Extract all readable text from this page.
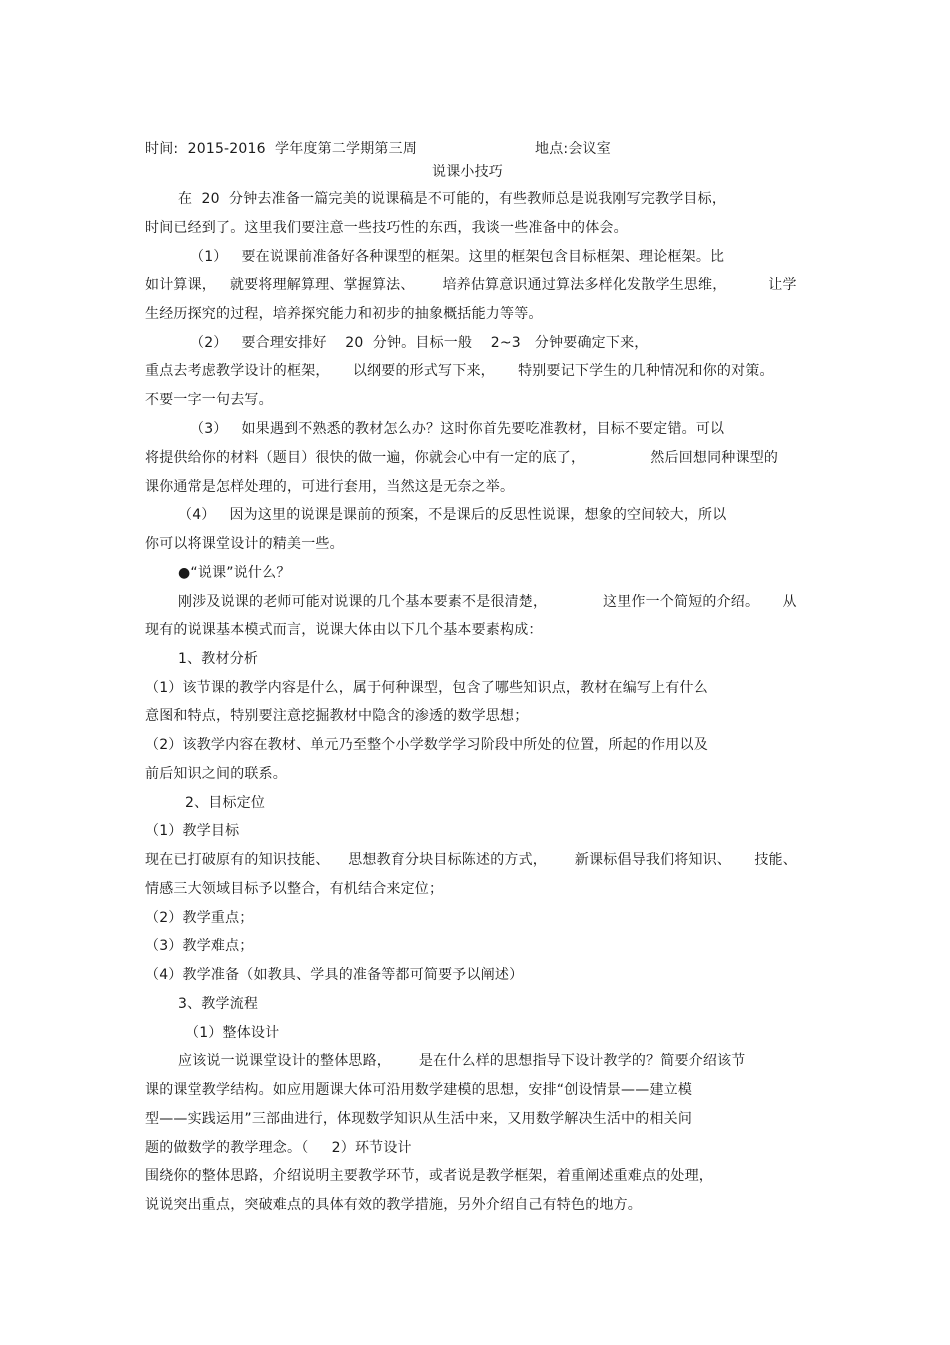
时间:  2015-2016  学年度第二学期第三周	地点:会议室
说课小技巧
在  20  分钟去准备一篇完美的说课稿是不可能的，有些教师总是说我刚写完教学目标，
时间已经到了。这里我们要注意一些技巧性的东西，我谈一些准备中的体会。
（1）   要在说课前准备好各种课型的框架。这里的框架包含目标框架、理论框架。比
如计算课，   就要将理解算理、掌握算法、      培养估算意识通过算法多样化发散学生思维，         让学
生经历探究的过程，培养探究能力和初步的抽象概括能力等等。
（2）   要合理安排好    20  分钟。目标一般    2~3   分钟要确定下来，
重点去考虑教学设计的框架，     以纲要的形式写下来，     特别要记下学生的几种情况和你的对策。
不要一字一句去写。
（3）   如果遇到不熟悉的教材怎么办？这时你首先要吃准教材，目标不要定错。可以
将提供给你的材料（题目）很快的做一遍，你就会心中有一定的底了，              然后回想同种课型的
课你通常是怎样处理的，可进行套用，当然这是无奈之举。
（4）   因为这里的说课是课前的预案，不是课后的反思性说课，想象的空间较大，所以
你可以将课堂设计的精美一些。
●“说课”说什么？
刚涉及说课的老师可能对说课的几个基本要素不是很清楚，            这里作一个简短的介绍。     从
现有的说课基本模式而言，说课大体由以下几个基本要素构成：
1、教材分析
（1）该节课的教学内容是什么，属于何种课型，包含了哪些知识点，教材在编写上有什么
意图和特点，特别要注意挖掘教材中隐含的渗透的数学思想；
（2）该教学内容在教材、单元乃至整个小学数学学习阶段中所处的位置，所起的作用以及
前后知识之间的联系。
2、目标定位
（1）教学目标
现在已打破原有的知识技能、    思想教育分块目标陈述的方式，      新课标倡导我们将知识、     技能、
情感三大领域目标予以整合，有机结合来定位；
（2）教学重点；
（3）教学难点；
（4）教学准备（如教具、学具的准备等都可简要予以阐述）
3、教学流程
（1）整体设计
应该说一说课堂设计的整体思路，      是在什么样的思想指导下设计教学的？简要介绍该节
课的课堂教学结构。如应用题课大体可沿用数学建模的思想，安排“创设情景——建立模
型——实践运用”三部曲进行，体现数学知识从生活中来，又用数学解决生活中的相关问
题的做数学的教学理念。（     2）环节设计
围绕你的整体思路，介绍说明主要教学环节，或者说是教学框架，着重阐述重难点的处理，
说说突出重点，突破难点的具体有效的教学措施，另外介绍自己有特色的地方。
